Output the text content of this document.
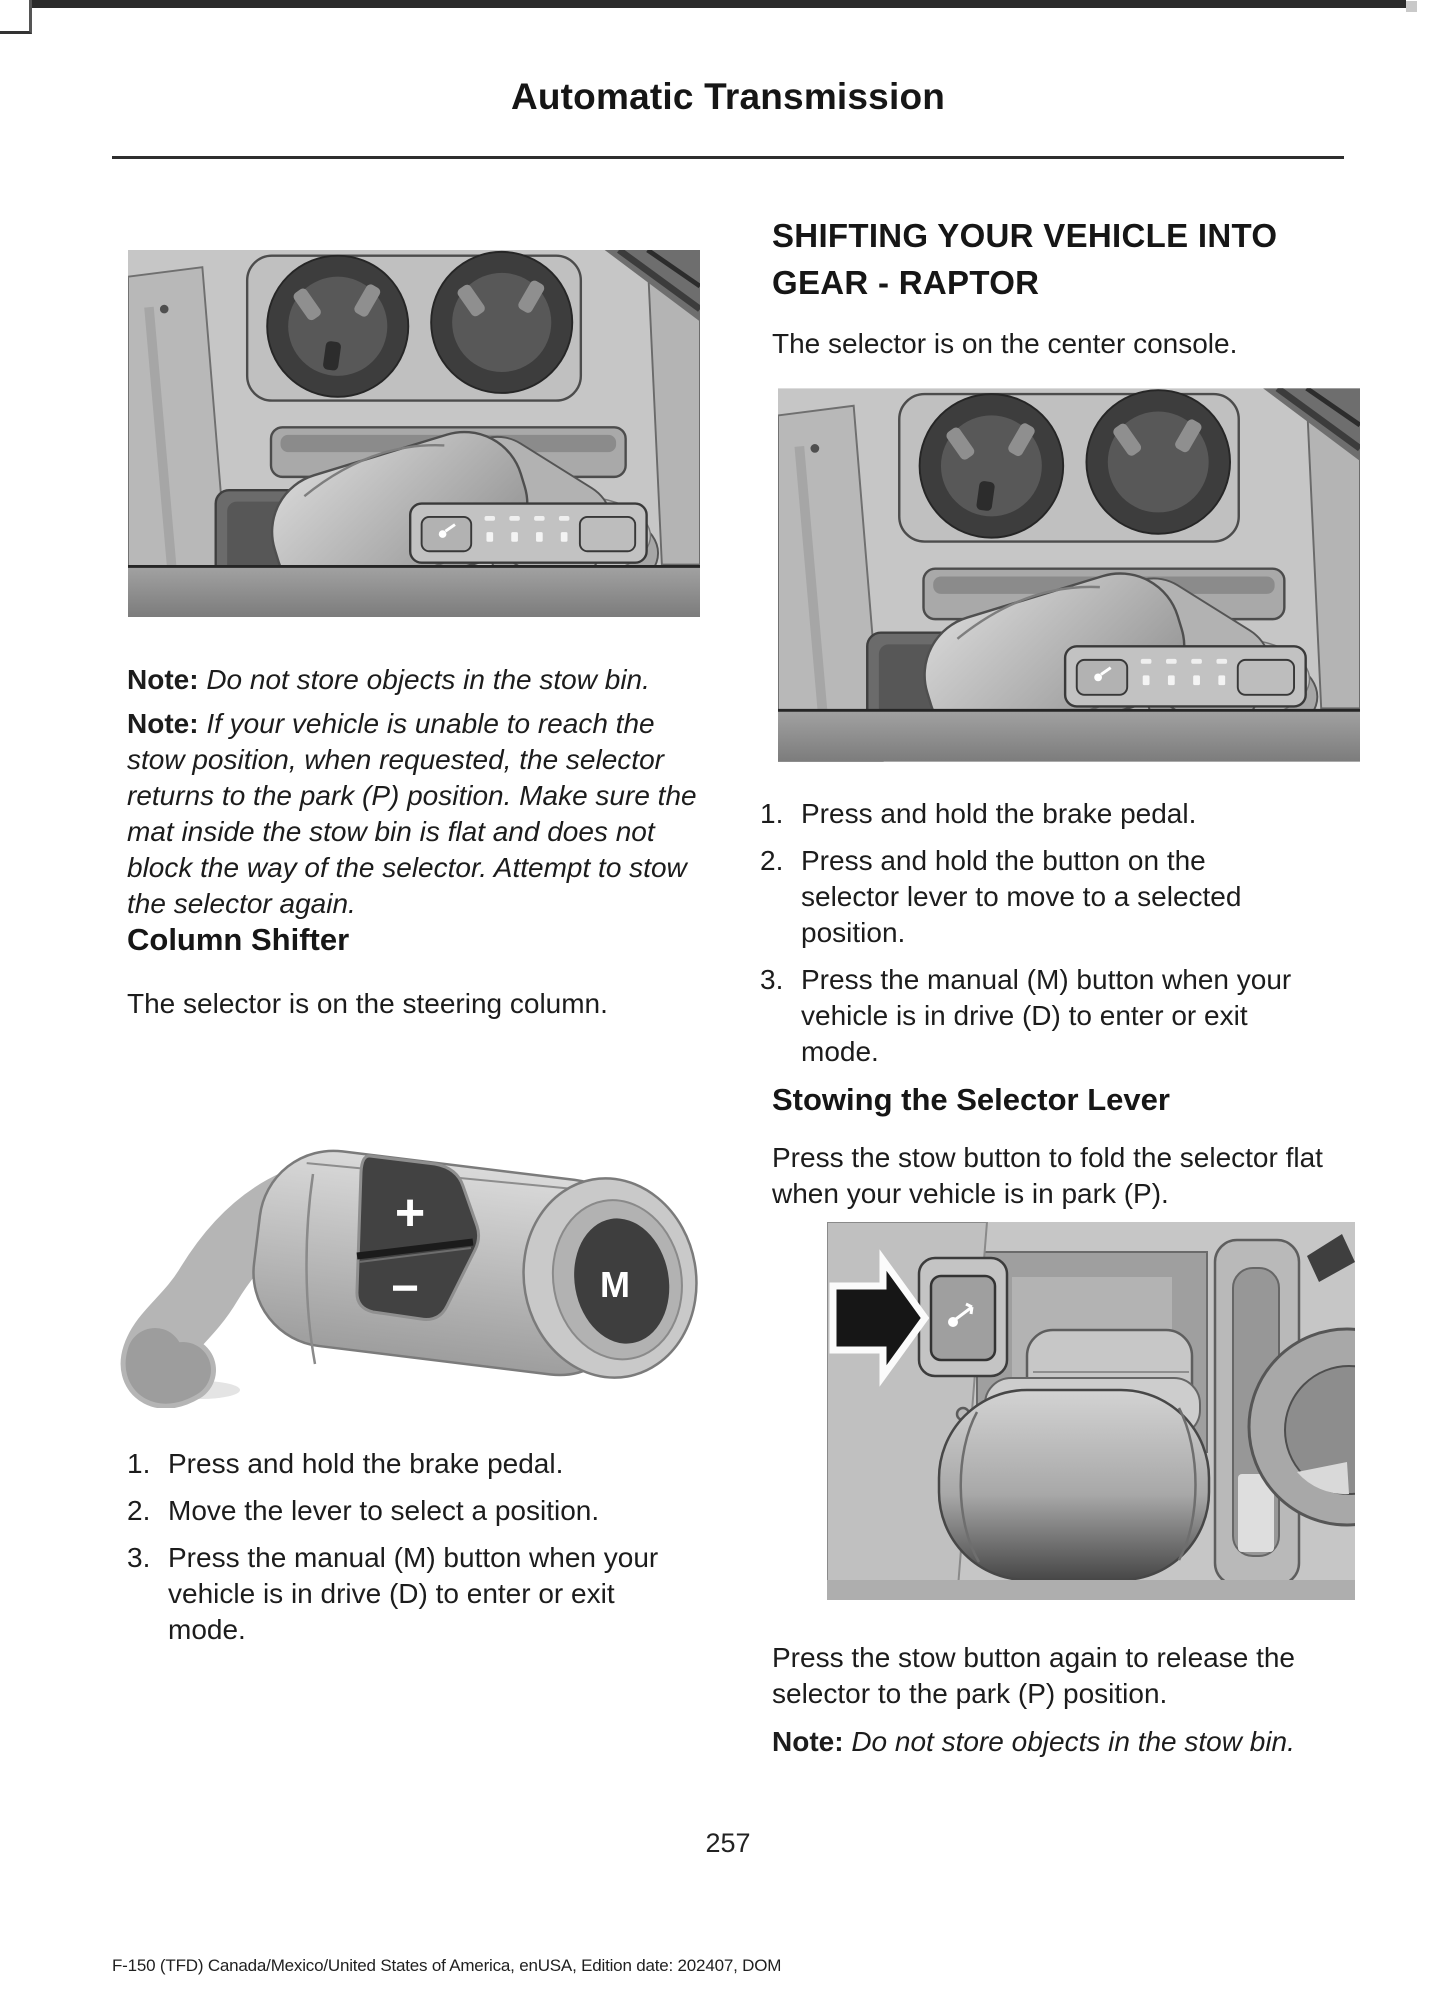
Automatic Transmission
Note: Do not store objects in the stow bin.
Note: If your vehicle is unable to reach the stow position, when requested, the selector returns to the park (P) position. Make sure the mat inside the stow bin is flat and does not block the way of the selector. Attempt to stow the selector again.
Column Shifter

The selector is on the steering column.

M
+
−
1. Press and hold the brake pedal.
2. Move the lever to select a position.
3. Press the manual (M) button when your vehicle is in drive (D) to enter or exit mode.
SHIFTING YOUR VEHICLE INTO GEAR - RAPTOR

The selector is on the center console.

1. Press and hold the brake pedal.
2. Press and hold the button on the selector lever to move to a selected position.
3. Press the manual (M) button when your vehicle is in drive (D) to enter or exit mode.
Stowing the Selector Lever

Press the stow button to fold the selector flat when your vehicle is in park (P).

Press the stow button again to release the selector to the park (P) position.

Note: Do not store objects in the stow bin.
257
F-150 (TFD) Canada/Mexico/United States of America, enUSA, Edition date: 202407, DOM
